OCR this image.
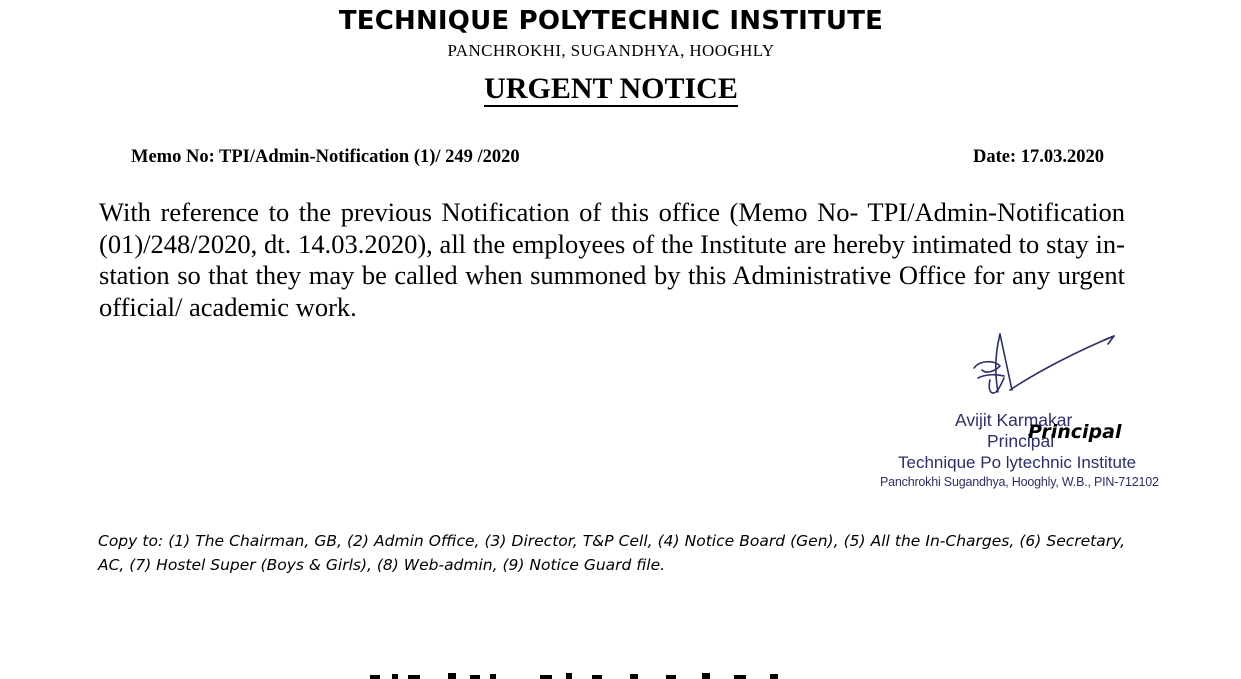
TECHNIQUE POLYTECHNIC INSTITUTE
PANCHROKHI, SUGANDHYA, HOOGHLY
URGENT NOTICE
Memo No: TPI/Admin-Notification (1)/ 249 /2020	Date: 17.03.2020
With reference to the previous Notification of this office (Memo No- TPI/Admin-Notification (01)/248/2020, dt. 14.03.2020), all the employees of the Institute are hereby intimated to stay in-station so that they may be called when summoned by this Administrative Office for any urgent official/ academic work.
Avijit Karmakar
Principal
Technique Po lytechnic Institute
Panchrokhi Sugandhya, Hooghly, W.B., PIN-712102
Principal
Copy to: (1) The Chairman, GB, (2) Admin Office, (3) Director, T&P Cell, (4) Notice Board (Gen), (5) All the In-Charges, (6) Secretary, AC, (7) Hostel Super (Boys & Girls), (8) Web-admin, (9) Notice Guard file.
